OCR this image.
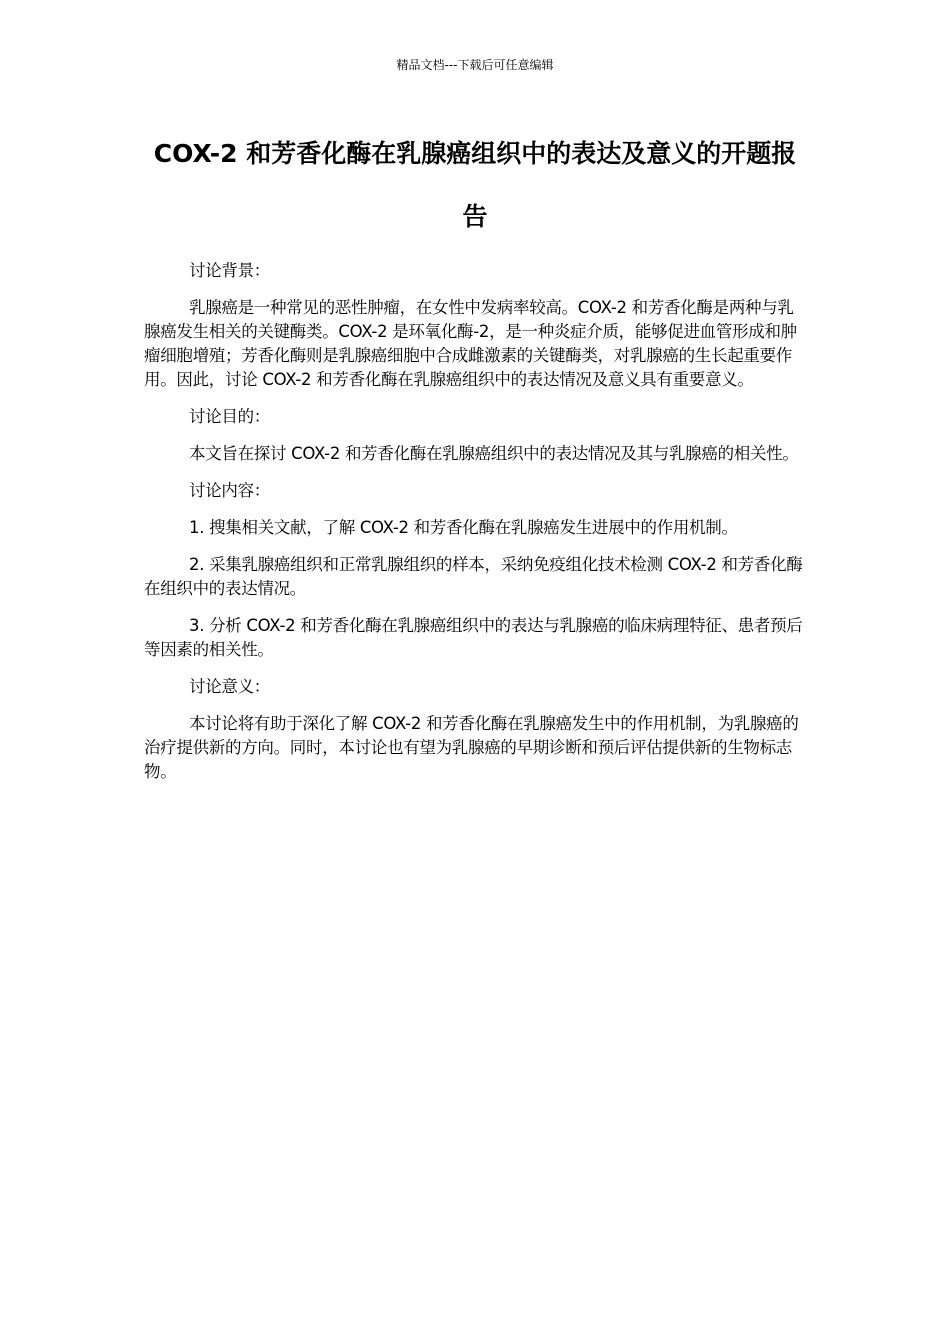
精品文档---下载后可任意编辑
COX-2 和芳香化酶在乳腺癌组织中的表达及意义的开题报
告

讨论背景：

乳腺癌是一种常见的恶性肿瘤，在女性中发病率较高。COX-2 和芳香化酶是两种与乳腺癌发生相关的关键酶类。COX-2 是环氧化酶-2，是一种炎症介质，能够促进血管形成和肿瘤细胞增殖；芳香化酶则是乳腺癌细胞中合成雌激素的关键酶类，对乳腺癌的生长起重要作用。因此，讨论 COX-2 和芳香化酶在乳腺癌组织中的表达情况及意义具有重要意义。

讨论目的：

本文旨在探讨 COX-2 和芳香化酶在乳腺癌组织中的表达情况及其与乳腺癌的相关性。

讨论内容：

1. 搜集相关文献，了解 COX-2 和芳香化酶在乳腺癌发生进展中的作用机制。

2. 采集乳腺癌组织和正常乳腺组织的样本，采纳免疫组化技术检测 COX-2 和芳香化酶在组织中的表达情况。

3. 分析 COX-2 和芳香化酶在乳腺癌组织中的表达与乳腺癌的临床病理特征、患者预后等因素的相关性。

讨论意义：

本讨论将有助于深化了解 COX-2 和芳香化酶在乳腺癌发生中的作用机制，为乳腺癌的治疗提供新的方向。同时，本讨论也有望为乳腺癌的早期诊断和预后评估提供新的生物标志物。
